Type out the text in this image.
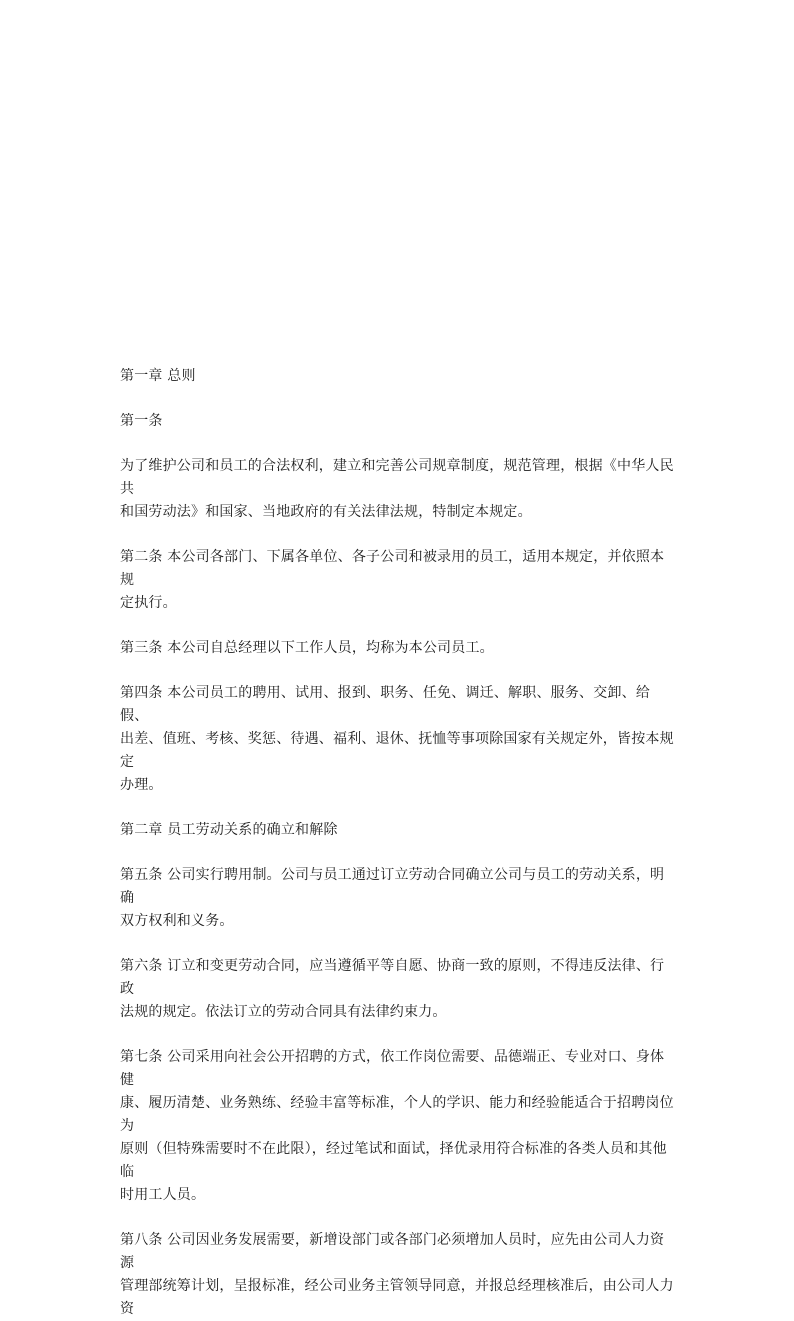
第一章 总则

第一条

为了维护公司和员工的合法权利，建立和完善公司规章制度，规范管理，根据《中华人民共
和国劳动法》和国家、当地政府的有关法律法规，特制定本规定。

第二条 本公司各部门、下属各单位、各子公司和被录用的员工，适用本规定，并依照本规
定执行。

第三条 本公司自总经理以下工作人员，均称为本公司员工。

第四条 本公司员工的聘用、试用、报到、职务、任免、调迁、解职、服务、交卸、给假、
出差、值班、考核、奖惩、待遇、福利、退休、抚恤等事项除国家有关规定外，皆按本规定
办理。

第二章 员工劳动关系的确立和解除

第五条 公司实行聘用制。公司与员工通过订立劳动合同确立公司与员工的劳动关系，明确
双方权利和义务。

第六条 订立和变更劳动合同，应当遵循平等自愿、协商一致的原则，不得违反法律、行政
法规的规定。依法订立的劳动合同具有法律约束力。

第七条 公司采用向社会公开招聘的方式，依工作岗位需要、品德端正、专业对口、身体健
康、履历清楚、业务熟练、经验丰富等标准，个人的学识、能力和经验能适合于招聘岗位为
原则（但特殊需要时不在此限），经过笔试和面试，择优录用符合标准的各类人员和其他临
时用工人员。

第八条 公司因业务发展需要，新增设部门或各部门必须增加人员时，应先由公司人力资源
管理部统筹计划，呈报标准，经公司业务主管领导同意，并报总经理核准后，由公司人力资
